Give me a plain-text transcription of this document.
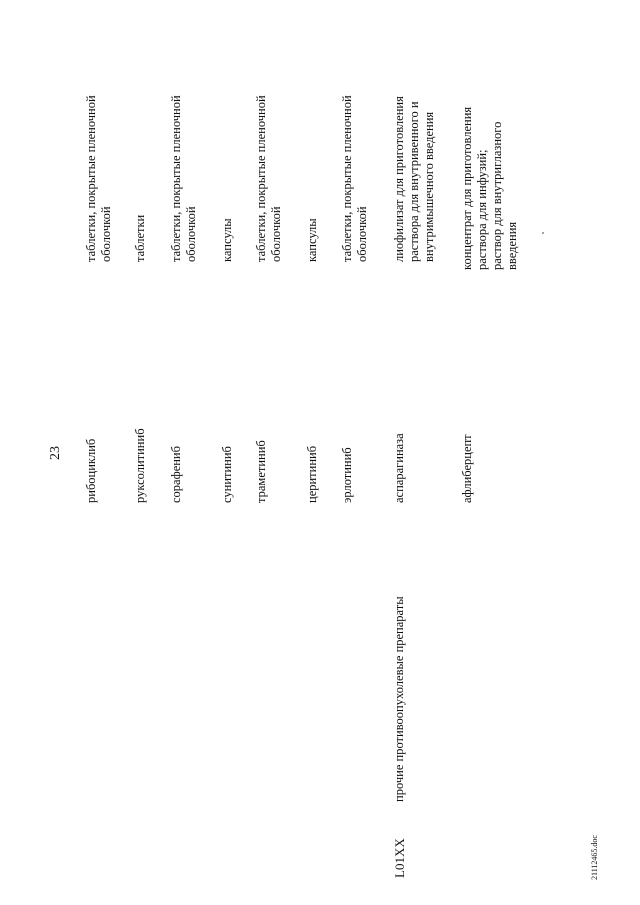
23
L01XX
прочие противоопухолевые препараты
рибоциклиб
таблетки, покрытые пленочной оболочкой
руксолитиниб
таблетки
сорафениб
таблетки, покрытые пленочной оболочкой
сунитиниб
капсулы
траметиниб
таблетки, покрытые пленочной оболочкой
церитиниб
капсулы
эрлотиниб
таблетки, покрытые пленочной оболочкой
аспарагиназа
лиофилизат для приготовления раствора для внутривенного и внутримышечного введения
афлиберцепт
концентрат для приготовления раствора для инфузий; раствор для внутриглазного введения
21112465.doc
